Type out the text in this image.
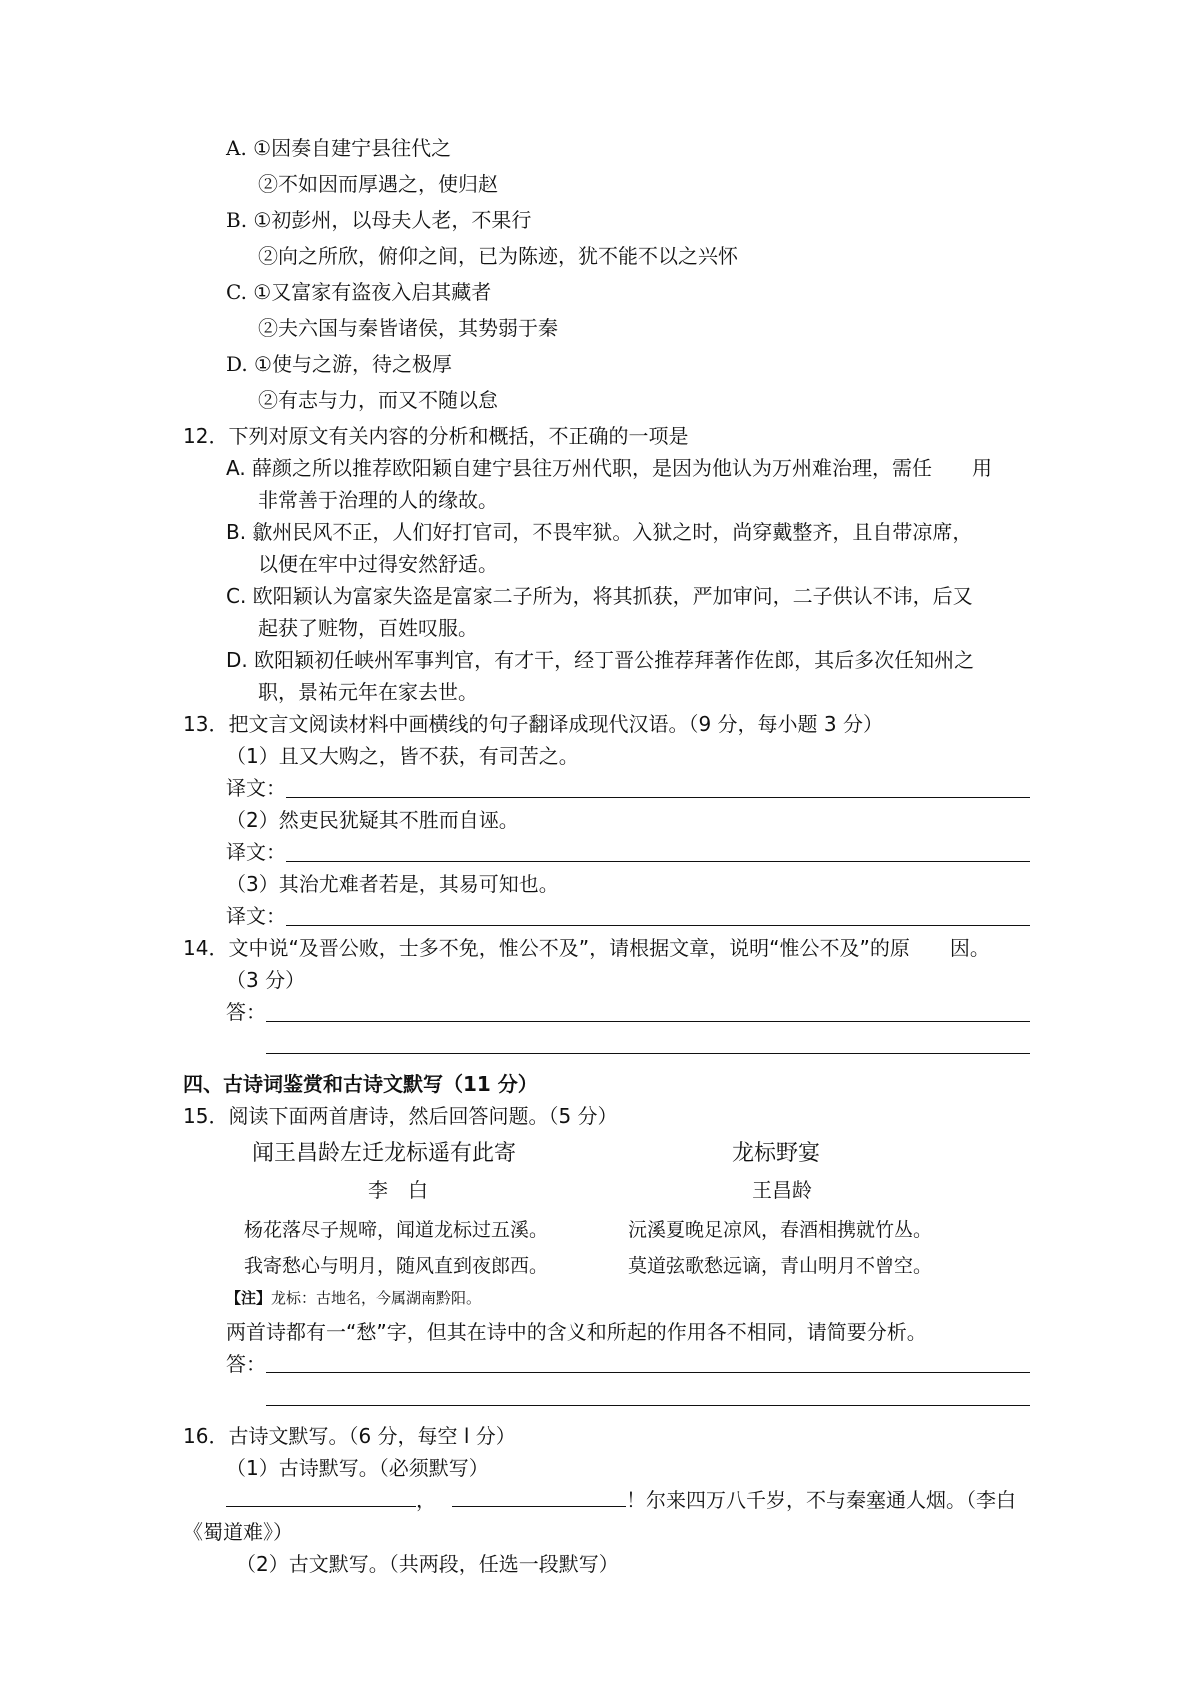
A. ①因奏自建宁县往代之
②不如因而厚遇之，使归赵
B. ①初彭州，以母夫人老，不果行
②向之所欣，俯仰之间，已为陈迹，犹不能不以之兴怀
C. ①又富家有盗夜入启其藏者
②夫六国与秦皆诸侯，其势弱于秦
D. ①使与之游，待之极厚
②有志与力，而又不随以怠
12．下列对原文有关内容的分析和概括，不正确的一项是
A. 薛颜之所以推荐欧阳颖自建宁县往万州代职，是因为他认为万州难治理，需任　　用
非常善于治理的人的缘故。
B. 歙州民风不正，人们好打官司，不畏牢狱。入狱之时，尚穿戴整齐，且自带凉席，
以便在牢中过得安然舒适。
C. 欧阳颖认为富家失盗是富家二子所为，将其抓获，严加审问，二子供认不讳，后又
起获了赃物，百姓叹服。
D. 欧阳颖初任峡州军事判官，有才干，经丁晋公推荐拜著作佐郎，其后多次任知州之
职，景祐元年在家去世。
13．把文言文阅读材料中画横线的句子翻译成现代汉语。（9 分，每小题 3 分）
（1）且又大购之，皆不获，有司苦之。
译文：
（2）然吏民犹疑其不胜而自诬。
译文：
（3）其治尤难者若是，其易可知也。
译文：
14．文中说“及晋公败，士多不免，惟公不及”，请根据文章，说明“惟公不及”的原　　因。
（3 分）
答：
四、古诗词鉴赏和古诗文默写（11 分）
15．阅读下面两首唐诗，然后回答问题。（5 分）
闻王昌龄左迁龙标遥有此寄	龙标野宴
李　白	王昌龄
杨花落尽子规啼，闻道龙标过五溪。	沅溪夏晚足凉风，春酒相携就竹丛。
我寄愁心与明月，随风直到夜郎西。	莫道弦歌愁远谪，青山明月不曾空。
【注】龙标：古地名，今属湖南黔阳。
两首诗都有一“愁”字，但其在诗中的含义和所起的作用各不相同，请简要分析。
答：
16．古诗文默写。（6 分，每空 l 分）
（1）古诗默写。（必须默写）
，	！尔来四万八千岁，不与秦塞通人烟。（李白
《蜀道难》）
（2）古文默写。（共两段，任选一段默写）
